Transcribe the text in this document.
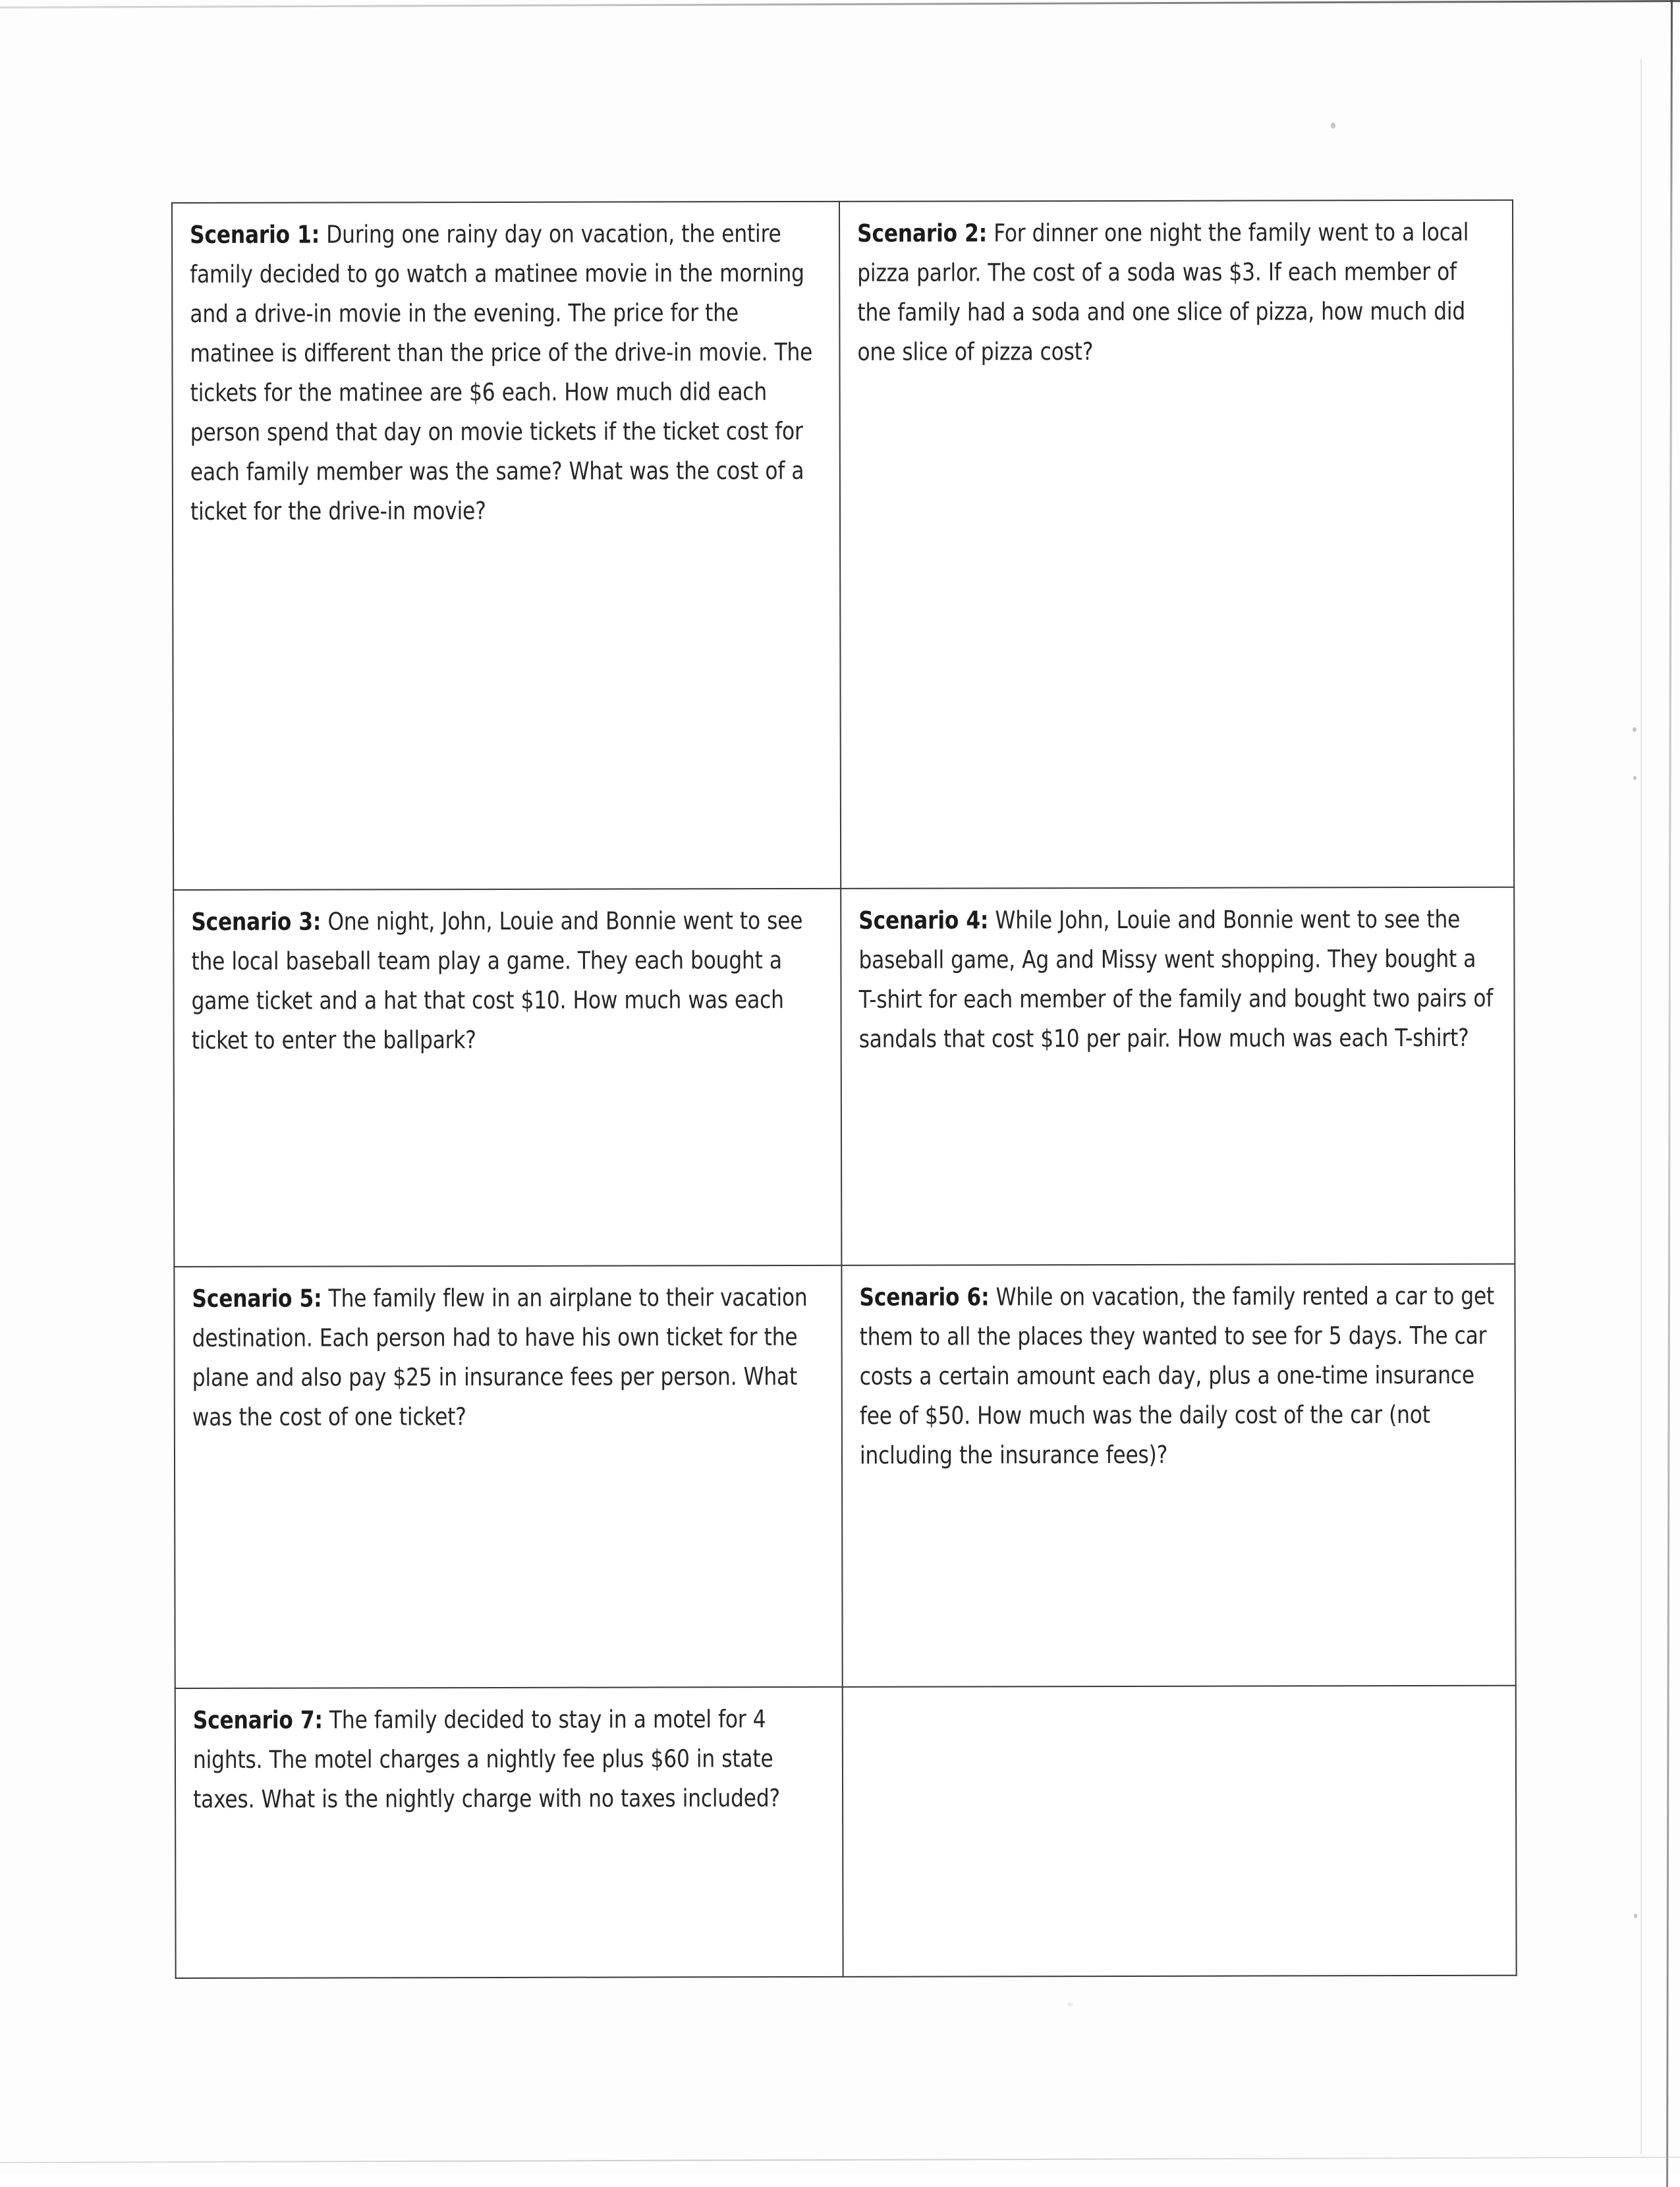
Scenario 1: During one rainy day on vacation, the entire family decided to go watch a matinee movie in the morning and a drive-in movie in the evening. The price for the matinee is different than the price of the drive-in movie. The tickets for the matinee are $6 each. How much did each person spend that day on movie tickets if the ticket cost for each family member was the same? What was the cost of a ticket for the drive-in movie?

Scenario 2: For dinner one night the family went to a local pizza parlor. The cost of a soda was $3. If each member of the family had a soda and one slice of pizza, how much did one slice of pizza cost?

Scenario 3: One night, John, Louie and Bonnie went to see the local baseball team play a game. They each bought a game ticket and a hat that cost $10. How much was each ticket to enter the ballpark?	Scenario 4: While John, Louie and Bonnie went to see the baseball game, Ag and Missy went shopping. They bought a T-shirt for each member of the family and bought two pairs of sandals that cost $10 per pair. How much was each T-shirt?

Scenario 5: The family flew in an airplane to their vacation destination. Each person had to have his own ticket for the plane and also pay $25 in insurance fees per person. What was the cost of one ticket?

Scenario 6: While on vacation, the family rented a car to get them to all the places they wanted to see for 5 days. The car costs a certain amount each day, plus a one-time insurance fee of $50. How much was the daily cost of the car (not including the insurance fees)?

Scenario 7: The family decided to stay in a motel for 4 nights. The motel charges a nightly fee plus $60 in state taxes. What is the nightly charge with no taxes included?	
